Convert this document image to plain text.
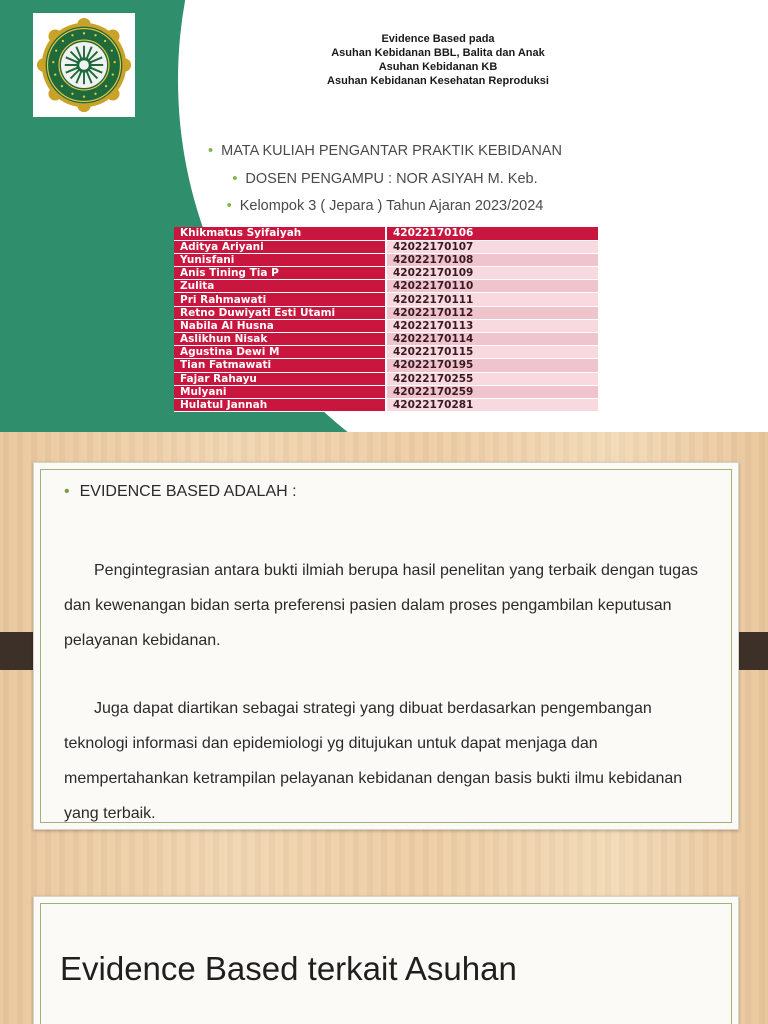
Evidence Based pada
Asuhan Kebidanan BBL, Balita dan Anak
Asuhan Kebidanan KB
Asuhan Kebidanan Kesehatan Reproduksi
• MATA KULIAH PENGANTAR PRAKTIK KEBIDANAN
• DOSEN PENGAMPU : NOR ASIYAH M. Keb.
• Kelompok 3 ( Jepara ) Tahun Ajaran 2023/2024
Khikmatus Syifaiyah	42022170106
Aditya Ariyani	42022170107
Yunisfani	42022170108
Anis Tining Tia P	42022170109
Zulita	42022170110
Pri Rahmawati	42022170111
Retno Duwiyati Esti Utami	42022170112
Nabila Al Husna	42022170113
Aslikhun Nisak	42022170114
Agustina Dewi M	42022170115
Tian Fatmawati	42022170195
Fajar Rahayu	42022170255
Mulyani	42022170259
Hulatul Jannah	42022170281
• EVIDENCE BASED ADALAH :

Pengintegrasian antara bukti ilmiah berupa hasil penelitan yang terbaik dengan tugas dan kewenangan bidan serta preferensi pasien dalam proses pengambilan keputusan pelayanan kebidanan.

Juga dapat diartikan sebagai strategi yang dibuat berdasarkan pengembangan teknologi informasi dan epidemiologi yg ditujukan untuk dapat menjaga dan mempertahankan ketrampilan pelayanan kebidanan dengan basis bukti ilmu kebidanan yang terbaik.

Evidence Based terkait Asuhan
